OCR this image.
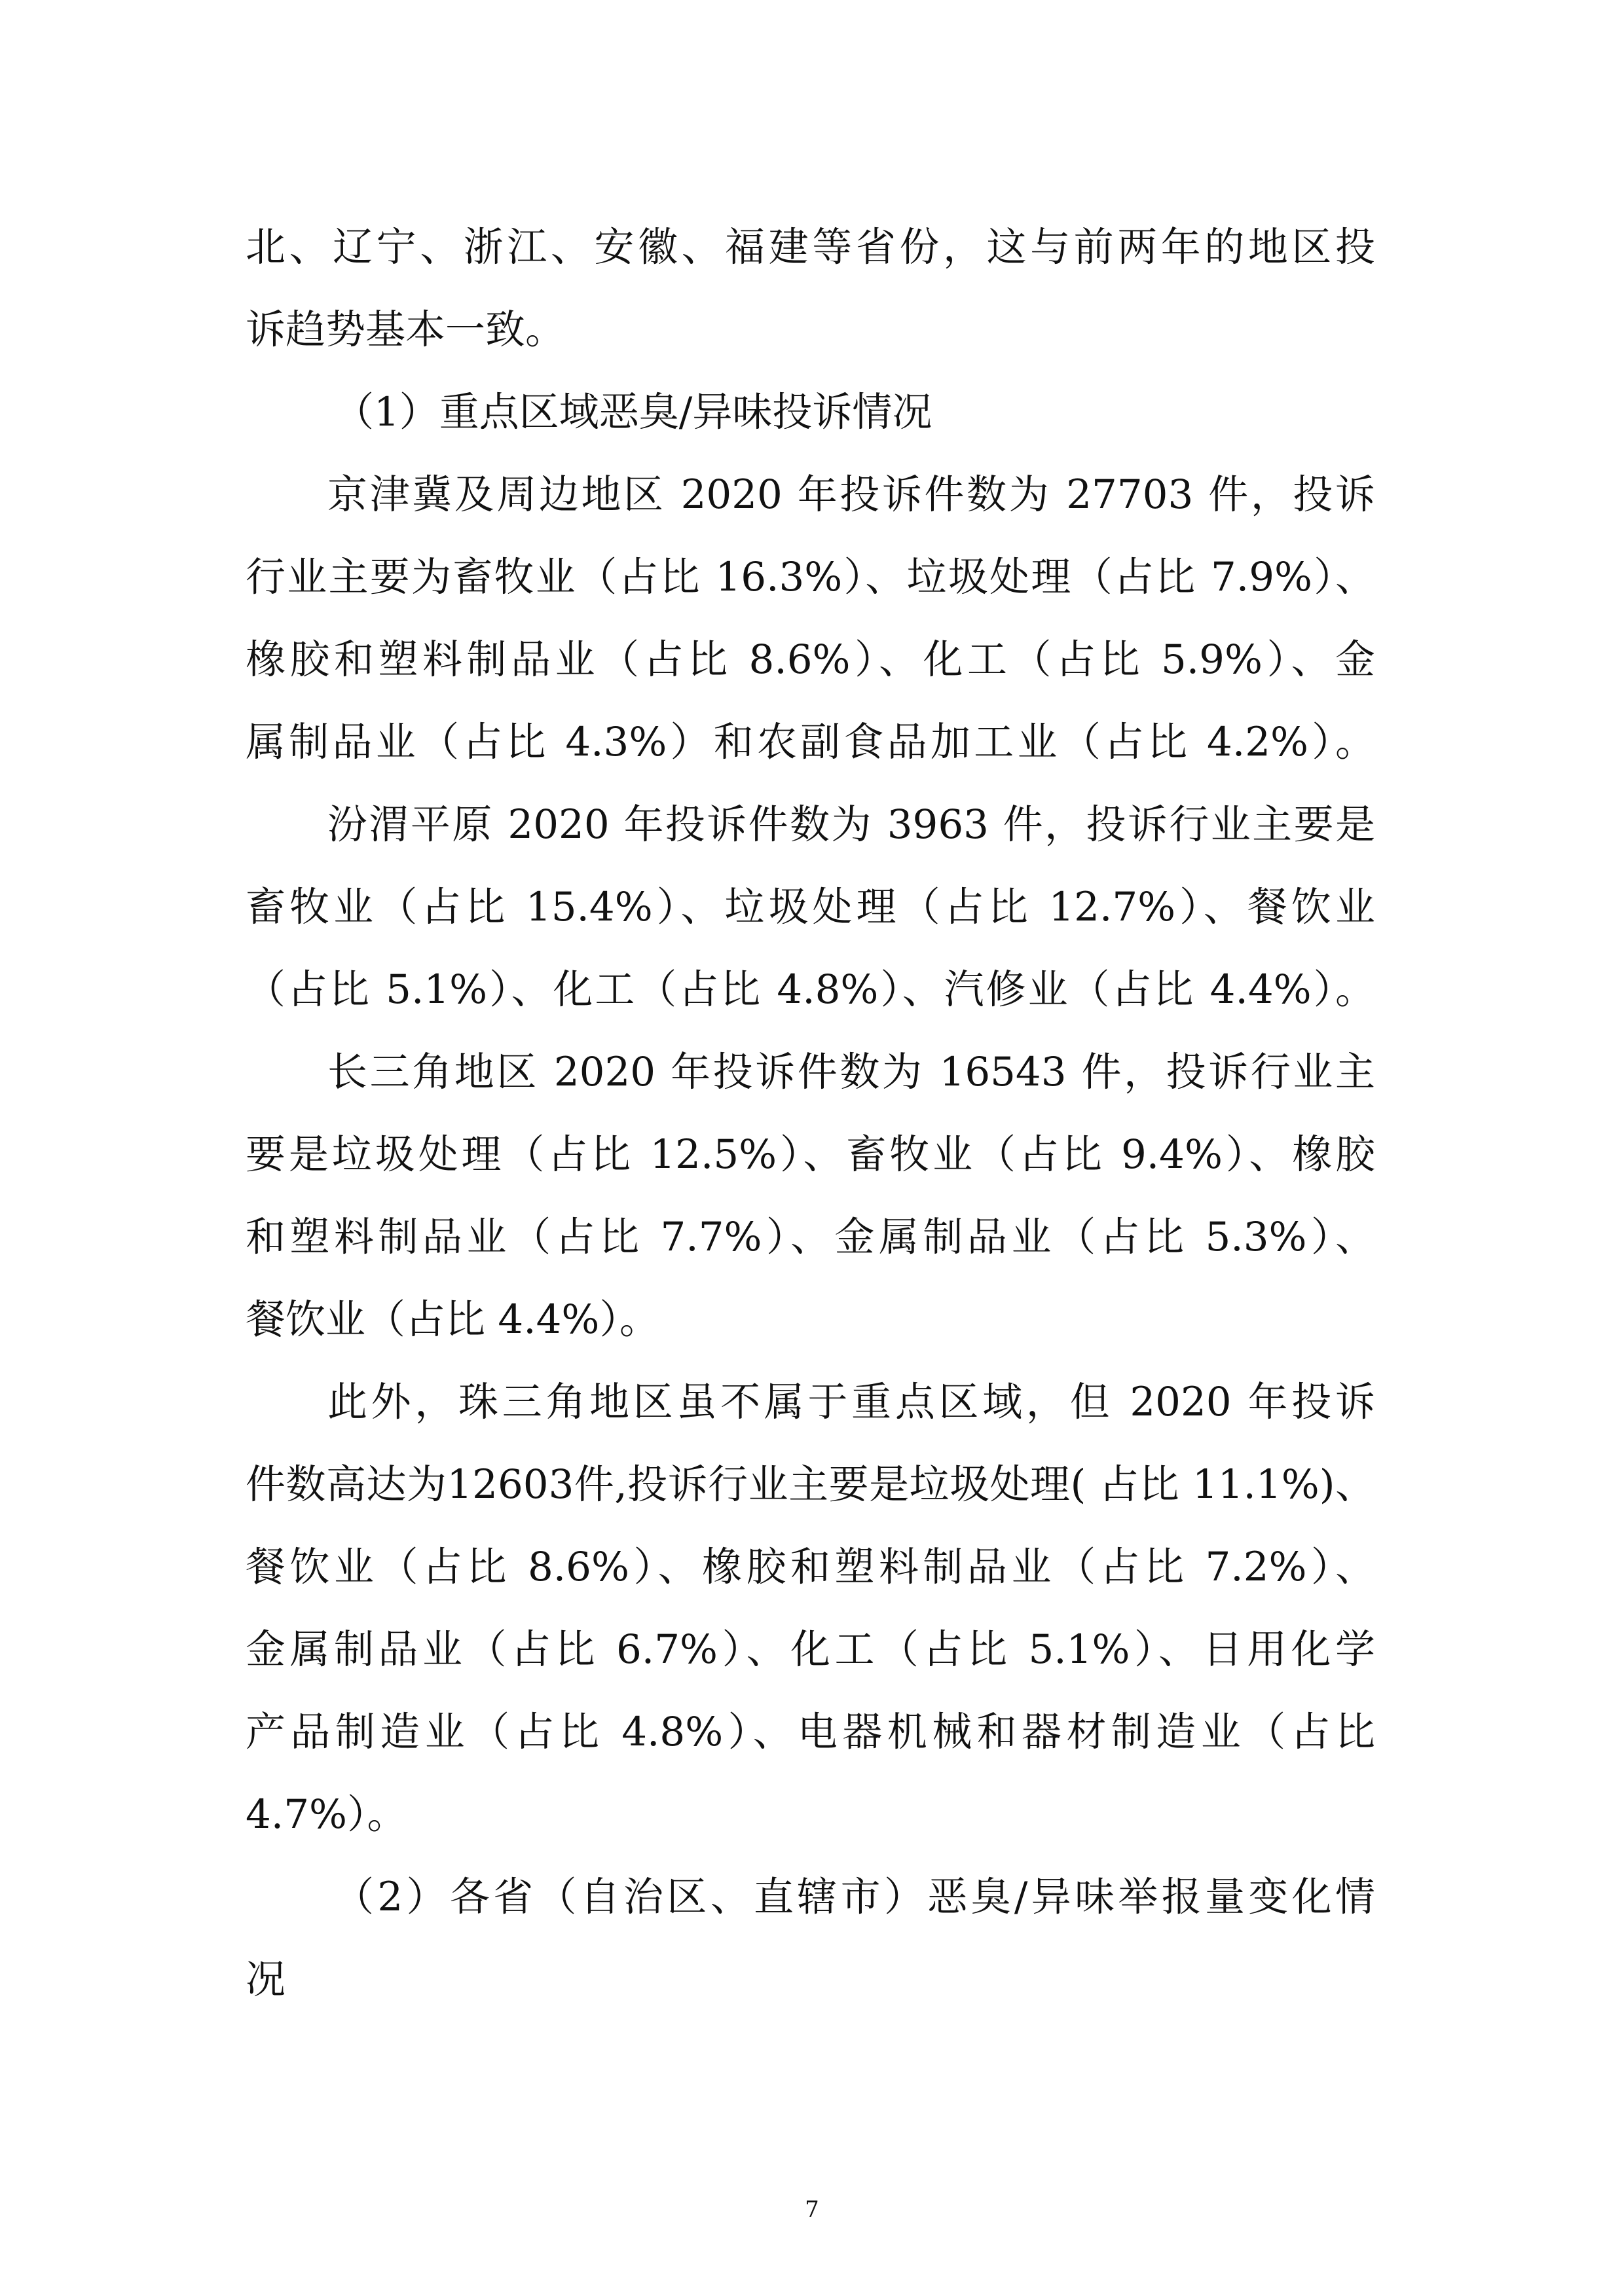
北、辽宁、浙江、安徽、福建等省份，这与前两年的地区投
诉趋势基本一致。
（1）重点区域恶臭/异味投诉情况
京津冀及周边地区 2020 年投诉件数为 27703 件，投诉
行业主要为畜牧业（占比 16.3%）、垃圾处理（占比 7.9%）、
橡胶和塑料制品业（占比 8.6%）、化工（占比 5.9%）、金
属制品业（占比 4.3%）和农副食品加工业（占比 4.2%）。
汾渭平原 2020 年投诉件数为 3963 件，投诉行业主要是
畜牧业（占比 15.4%）、垃圾处理（占比 12.7%）、餐饮业
（占比 5.1%）、化工（占比 4.8%）、汽修业（占比 4.4%）。
长三角地区 2020 年投诉件数为 16543 件，投诉行业主
要是垃圾处理（占比 12.5%）、畜牧业（占比 9.4%）、橡胶
和塑料制品业（占比 7.7%）、金属制品业（占比 5.3%）、
餐饮业（占比 4.4%）。
此外，珠三角地区虽不属于重点区域，但 2020 年投诉
件数高达为12603件,投诉行业主要是垃圾处理( 占比 11.1%)、
餐饮业（占比 8.6%）、橡胶和塑料制品业（占比 7.2%）、
金属制品业（占比 6.7%）、化工（占比 5.1%）、日用化学
产品制造业（占比 4.8%）、电器机械和器材制造业（占比
4.7%）。
（2）各省（自治区、直辖市）恶臭/异味举报量变化情
况
7
